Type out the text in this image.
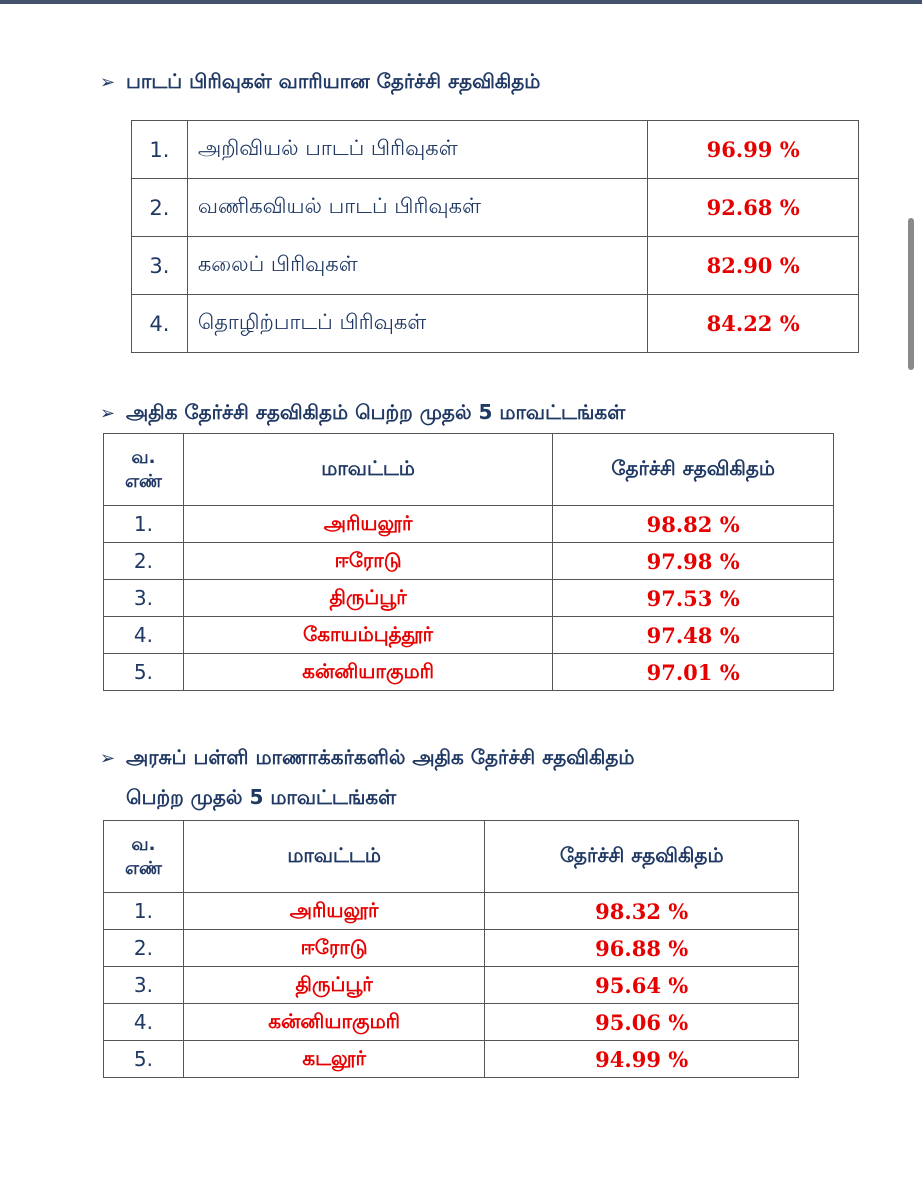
➢ பாடப் பிரிவுகள் வாரியான தேர்ச்சி சதவிகிதம்
1.	அறிவியல் பாடப் பிரிவுகள்	96.99 %
2.	வணிகவியல் பாடப் பிரிவுகள்	92.68 %
3.	கலைப் பிரிவுகள்	82.90 %
4.	தொழிற்பாடப் பிரிவுகள்	84.22 %
➢ அதிக தேர்ச்சி சதவிகிதம் பெற்ற முதல் 5 மாவட்டங்கள்
வ.
எண்	மாவட்டம்	தேர்ச்சி சதவிகிதம்
1.	அரியலூர்	98.82 %
2.	ஈரோடு	97.98 %
3.	திருப்பூர்	97.53 %
4.	கோயம்புத்தூர்	97.48 %
5.	கன்னியாகுமரி	97.01 %
➢ அரசுப் பள்ளி மாணாக்கர்களில் அதிக தேர்ச்சி சதவிகிதம்
பெற்ற முதல் 5 மாவட்டங்கள்
வ.
எண்	மாவட்டம்	தேர்ச்சி சதவிகிதம்
1.	அரியலூர்	98.32 %
2.	ஈரோடு	96.88 %
3.	திருப்பூர்	95.64 %
4.	கன்னியாகுமரி	95.06 %
5.	கடலூர்	94.99 %
